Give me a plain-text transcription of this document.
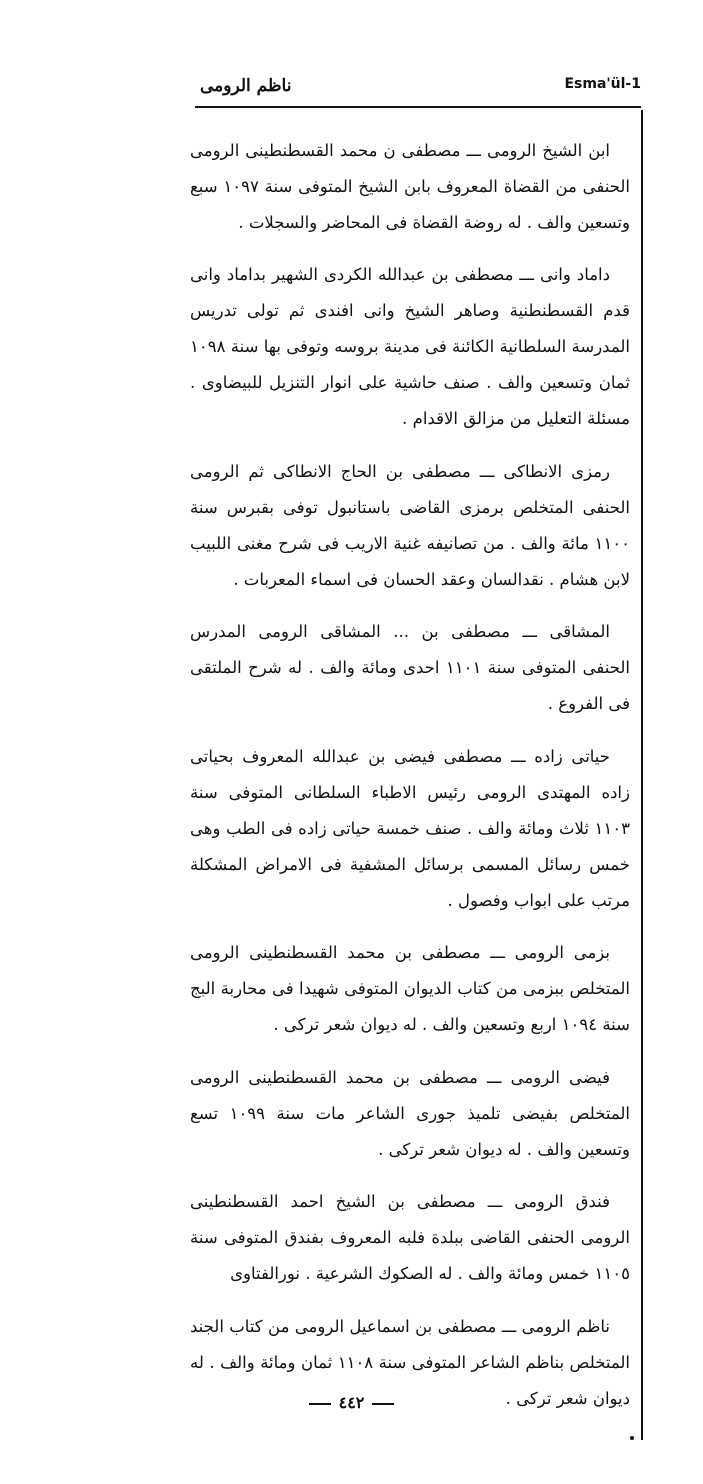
ناظم الرومی	Esma'ül-1

ابن الشيخ الرومی ـــ مصطفی ن محمد القسطنطینی الرومی الحنفی من القضاة المعروف بابن الشيخ المتوفی سنة ١٠٩٧ سبع وتسعين والف . له روضة القضاة فی المحاضر والسجلات .

داماد وانی ـــ مصطفی بن عبدالله الكردی الشهیر بداماد وانی قدم القسطنطنیة وصاهر الشيخ وانی افندی ثم تولی تدريس المدرسة السلطانية الكائنة فی مدينة بروسه وتوفی بها سنة ١٠٩٨ ثمان وتسعين والف . صنف حاشية علی انوار التنزيل للبيضاوی . مسئلة التعليل من مزالق الاقدام .

رمزی الانطاكی ـــ مصطفی بن الحاج الانطاكی ثم الرومی الحنفی المتخلص برمزی القاضی باستانبول توفی بقبرس سنة ١١٠٠ مائة والف . من تصانيفه غنية الاريب فی شرح مغنی اللبيب لابن هشام . نقدالسان وعقد الحسان فی اسماء المعربات .

المشاقی ـــ مصطفی بن ... المشاقی الرومی المدرس الحنفی المتوفی سنة ١١٠١ احدی ومائة والف . له شرح الملتقی فی الفروع .

حیاتی زاده ـــ مصطفی فیضی بن عبدالله المعروف بحیاتی زاده المهتدی الرومی رئیس الاطباء السلطانی المتوفی سنة ١١٠٣ ثلاث ومائة والف . صنف خمسة حیاتی زاده فی الطب وهی خمس رسائل المسمی برسائل المشفية فی الامراض المشكلة مرتب علی ابواب وفصول .

بزمی الرومی ـــ مصطفی بن محمد القسطنطینی الرومی المتخلص ببزمی من كتاب الديوان المتوفی شهيدا فی محاربة البج سنة ١٠٩٤ اربع وتسعين والف . له ديوان شعر تركی .

فیضی الرومی ـــ مصطفی بن محمد القسطنطینی الرومی المتخلص بفیضی تلميذ جوری الشاعر مات سنة ١٠٩٩ تسع وتسعين والف . له ديوان شعر تركی .

فندق الرومی ـــ مصطفی بن الشيخ احمد القسطنطینی الرومی الحنفی القاضی ببلدة فلبه المعروف بفندق المتوفی سنة ١١٠٥ خمس ومائة والف . له الصكوك الشرعية . نورالفتاوی

ناظم الرومی ـــ مصطفی بن اسماعیل الرومی من كتاب الجند المتخلص بناظم الشاعر المتوفی سنة ١١٠٨ ثمان ومائة والف . له ديوان شعر تركی .

٤٤٢
